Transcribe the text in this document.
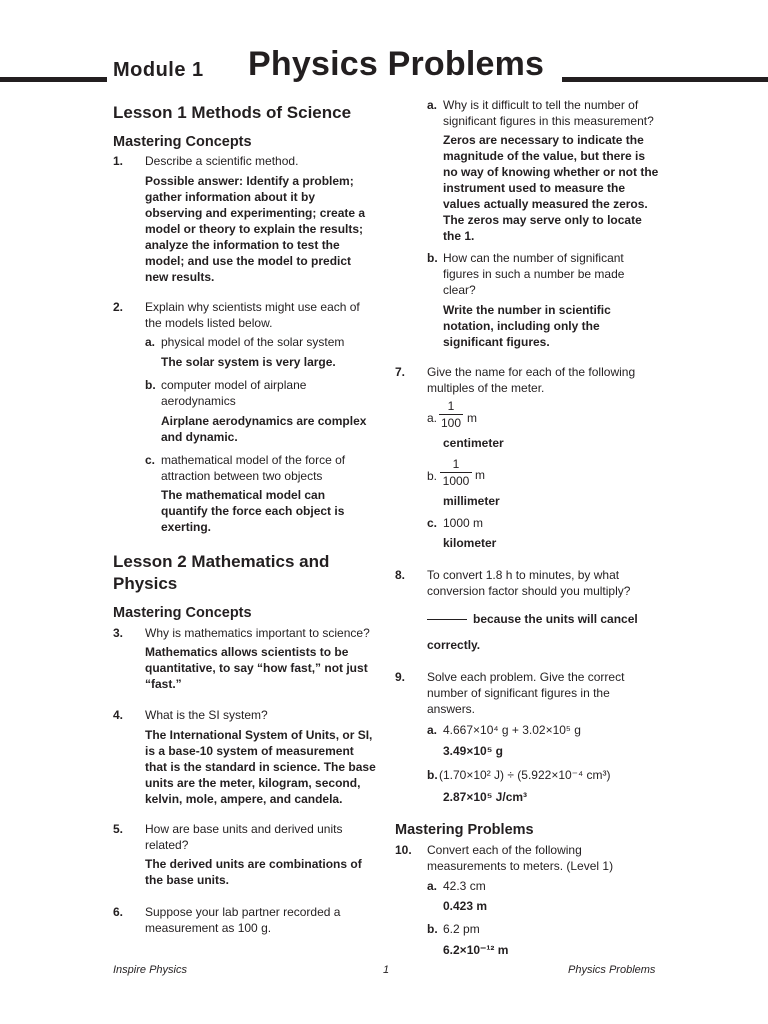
Module 1 Physics Problems
Lesson 1 Methods of Science
Mastering Concepts
1. Describe a scientific method.
Possible answer: Identify a problem; gather information about it by observing and experimenting; create a model or theory to explain the results; analyze the information to test the model; and use the model to predict new results.
2. Explain why scientists might use each of the models listed below.
a. physical model of the solar system
The solar system is very large.
b. computer model of airplane aerodynamics
Airplane aerodynamics are complex and dynamic.
c. mathematical model of the force of attraction between two objects
The mathematical model can quantify the force each object is exerting.
Lesson 2 Mathematics and Physics
Mastering Concepts
3. Why is mathematics important to science?
Mathematics allows scientists to be quantitative, to say “how fast,” not just “fast.”
4. What is the SI system?
The International System of Units, or SI, is a base-10 system of measurement that is the standard in science. The base units are the meter, kilogram, second, kelvin, mole, ampere, and candela.
5. How are base units and derived units related?
The derived units are combinations of the base units.
6. Suppose your lab partner recorded a measurement as 100 g.
a. Why is it difficult to tell the number of significant figures in this measurement?
Zeros are necessary to indicate the magnitude of the value, but there is no way of knowing whether or not the instrument used to measure the values actually measured the zeros. The zeros may serve only to locate the 1.
b. How can the number of significant figures in such a number be made clear?
Write the number in scientific notation, including only the significant figures.
7. Give the name for each of the following multiples of the meter.
a. $\frac{1}{100}$ m
centimeter
b. $\frac{1}{1000}$ m
millimeter
c. 1000 m
kilometer
8. To convert 1.8 h to minutes, by what conversion factor should you multiply?
because the units will cancel
correctly.
9. Solve each problem. Give the correct number of significant figures in the answers.
a. 4.667×10⁴ g + 3.02×10⁵ g
3.49×10⁵ g
b. (1.70×10² J) ÷ (5.922×10⁻⁴ cm³)
2.87×10⁵ J/cm³
Mastering Problems
10. Convert each of the following measurements to meters. (Level 1)
a. 42.3 cm
0.423 m
b. 6.2 pm
6.2×10⁻¹² m
Inspire Physics	1	Physics Problems
